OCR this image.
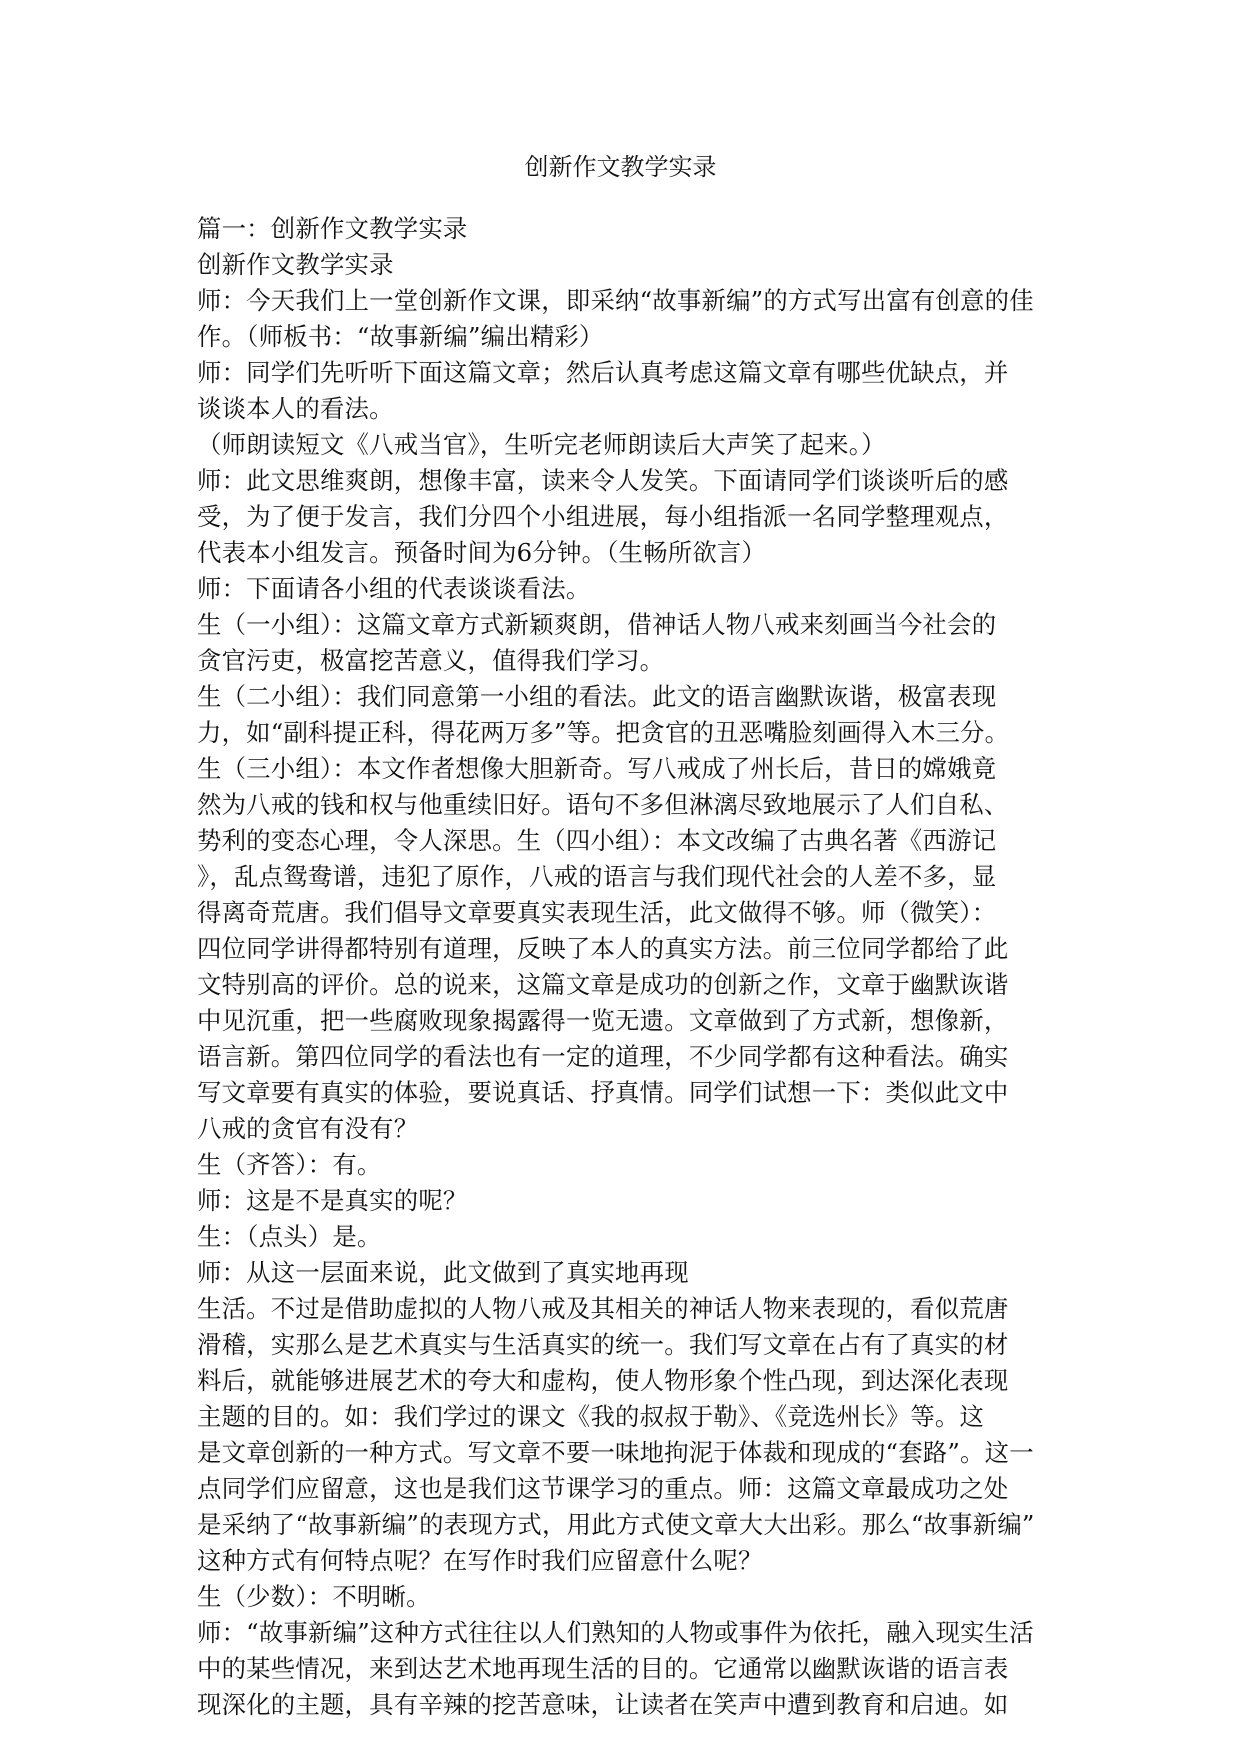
创新作文教学实录
篇一：创新作文教学实录
创新作文教学实录
师：今天我们上一堂创新作文课，即采纳“故事新编”的方式写出富有创意的佳
作。（师板书：“故事新编”编出精彩）
师：同学们先听听下面这篇文章；然后认真考虑这篇文章有哪些优缺点，并
谈谈本人的看法。
（师朗读短文《八戒当官》，生听完老师朗读后大声笑了起来。）
师：此文思维爽朗，想像丰富，读来令人发笑。下面请同学们谈谈听后的感
受，为了便于发言，我们分四个小组进展，每小组指派一名同学整理观点，
代表本小组发言。预备时间为6分钟。（生畅所欲言）
师：下面请各小组的代表谈谈看法。
生（一小组）：这篇文章方式新颖爽朗，借神话人物八戒来刻画当今社会的
贪官污吏，极富挖苦意义，值得我们学习。
生（二小组）：我们同意第一小组的看法。此文的语言幽默诙谐，极富表现
力，如“副科提正科，得花两万多”等。把贪官的丑恶嘴脸刻画得入木三分。
生（三小组）：本文作者想像大胆新奇。写八戒成了州长后，昔日的嫦娥竟
然为八戒的钱和权与他重续旧好。语句不多但淋漓尽致地展示了人们自私、
势利的变态心理，令人深思。生（四小组）：本文改编了古典名著《西游记
》，乱点鸳鸯谱，违犯了原作，八戒的语言与我们现代社会的人差不多，显
得离奇荒唐。我们倡导文章要真实表现生活，此文做得不够。师（微笑）：
四位同学讲得都特别有道理，反映了本人的真实方法。前三位同学都给了此
文特别高的评价。总的说来，这篇文章是成功的创新之作，文章于幽默诙谐
中见沉重，把一些腐败现象揭露得一览无遗。文章做到了方式新，想像新，
语言新。第四位同学的看法也有一定的道理，不少同学都有这种看法。确实
写文章要有真实的体验，要说真话、抒真情。同学们试想一下：类似此文中
八戒的贪官有没有？
生（齐答）：有。
师：这是不是真实的呢？
生：（点头）是。
师：从这一层面来说，此文做到了真实地再现
生活。不过是借助虚拟的人物八戒及其相关的神话人物来表现的，看似荒唐
滑稽，实那么是艺术真实与生活真实的统一。我们写文章在占有了真实的材
料后，就能够进展艺术的夸大和虚构，使人物形象个性凸现，到达深化表现
主题的目的。如：我们学过的课文《我的叔叔于勒》、《竞选州长》等。这
是文章创新的一种方式。写文章不要一味地拘泥于体裁和现成的“套路”。这一
点同学们应留意，这也是我们这节课学习的重点。师：这篇文章最成功之处
是采纳了“故事新编”的表现方式，用此方式使文章大大出彩。那么“故事新编”
这种方式有何特点呢？在写作时我们应留意什么呢？
生（少数）：不明晰。
师：“故事新编”这种方式往往以人们熟知的人物或事件为依托，融入现实生活
中的某些情况，来到达艺术地再现生活的目的。它通常以幽默诙谐的语言表
现深化的主题，具有辛辣的挖苦意味，让读者在笑声中遭到教育和启迪。如
